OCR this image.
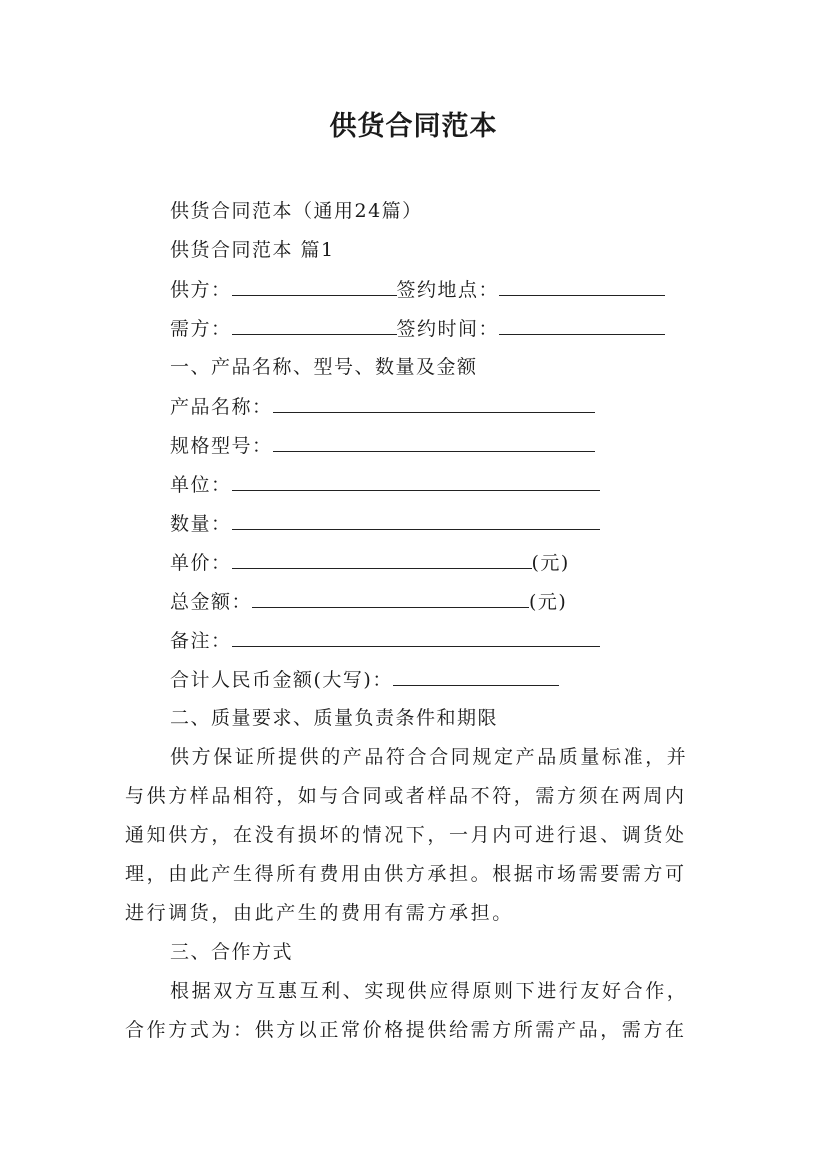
供货合同范本
供货合同范本（通用24篇）
供货合同范本 篇1
供方：	签约地点：
需方：	签约时间：
一、产品名称、型号、数量及金额
产品名称：
规格型号：
单位：
数量：
单价：	(元)
总金额：	(元)
备注：
合计人民币金额(大写)：
二、质量要求、质量负责条件和期限
供方保证所提供的产品符合合同规定产品质量标准，并
与供方样品相符，如与合同或者样品不符，需方须在两周内
通知供方，在没有损坏的情况下，一月内可进行退、调货处
理，由此产生得所有费用由供方承担。根据市场需要需方可
进行调货，由此产生的费用有需方承担。
三、合作方式
根据双方互惠互利、实现供应得原则下进行友好合作，
合作方式为：供方以正常价格提供给需方所需产品，需方在
